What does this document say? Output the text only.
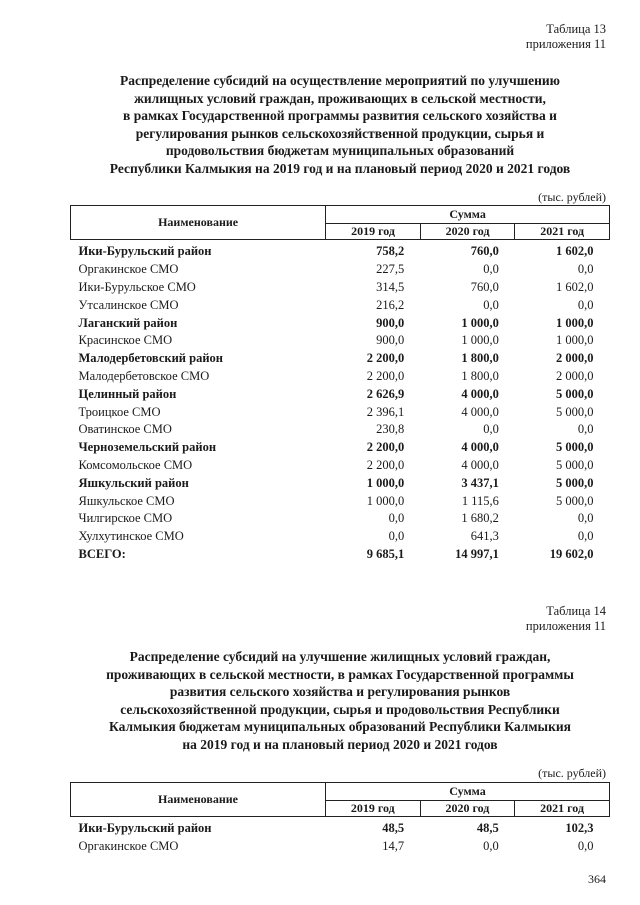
Таблица 13
приложения 11
Распределение субсидий на осуществление мероприятий по улучшению
жилищных условий граждан, проживающих в сельской местности,
в рамках Государственной программы развития сельского хозяйства и
регулирования рынков сельскохозяйственной продукции, сырья и
продовольствия бюджетам муниципальных образований
Республики Калмыкия на 2019 год и на плановый период 2020 и 2021 годов
(тыс. рублей)
Наименование	Сумма		
	2019 год	2020 год	2021 год
Ики-Бурульский район	758,2	760,0	1 602,0
Оргакинское СМО	227,5	0,0	0,0
Ики-Бурульское СМО	314,5	760,0	1 602,0
Утсалинское СМО	216,2	0,0	0,0
Лаганский район	900,0	1 000,0	1 000,0
Красинское СМО	900,0	1 000,0	1 000,0
Малодербетовский район	2 200,0	1 800,0	2 000,0
Малодербетовское СМО	2 200,0	1 800,0	2 000,0
Целинный район	2 626,9	4 000,0	5 000,0
Троицкое СМО	2 396,1	4 000,0	5 000,0
Оватинское СМО	230,8	0,0	0,0
Черноземельский район	2 200,0	4 000,0	5 000,0
Комсомольское СМО	2 200,0	4 000,0	5 000,0
Яшкульский район	1 000,0	3 437,1	5 000,0
Яшкульское СМО	1 000,0	1 115,6	5 000,0
Чилгирское СМО	0,0	1 680,2	0,0
Хулхутинское СМО	0,0	641,3	0,0
ВСЕГО:	9 685,1	14 997,1	19 602,0
Таблица 14
приложения 11
Распределение субсидий на улучшение жилищных условий граждан,
проживающих в сельской местности, в рамках Государственной программы
развития сельского хозяйства и регулирования рынков
сельскохозяйственной продукции, сырья и продовольствия Республики
Калмыкия бюджетам муниципальных образований Республики Калмыкия
на 2019 год и на плановый период 2020 и 2021 годов
(тыс. рублей)
Наименование	Сумма		
	2019 год	2020 год	2021 год
Ики-Бурульский район	48,5	48,5	102,3
Оргакинское СМО	14,7	0,0	0,0
364
